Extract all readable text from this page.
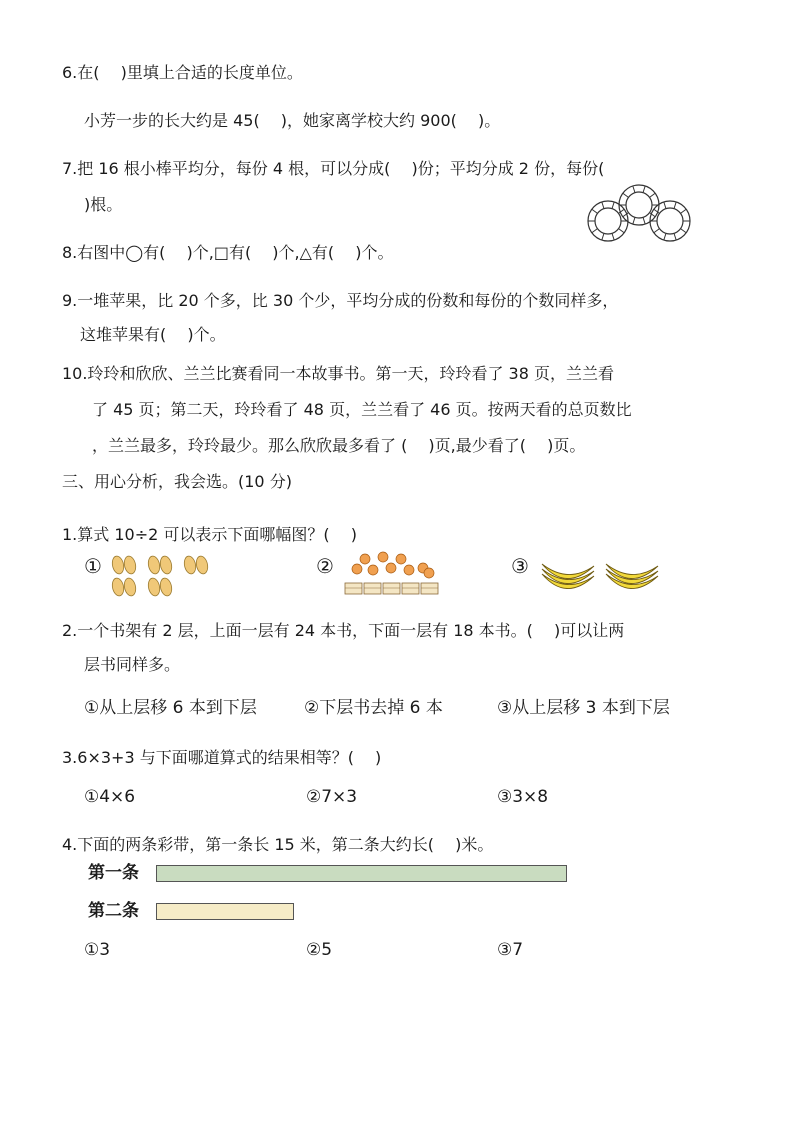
6.在(　 )里填上合适的长度单位。
小芳一步的长大约是 45(　 )，她家离学校大约 900(　 )。
7.把 16 根小棒平均分，每份 4 根，可以分成(　 )份；平均分成 2 份，每份(
)根。
8.右图中◯有(　 )个,□有(　 )个,△有(　 )个。
9.一堆苹果，比 20 个多，比 30 个少，平均分成的份数和每份的个数同样多，
这堆苹果有(　 )个。
10.玲玲和欣欣、兰兰比赛看同一本故事书。第一天，玲玲看了 38 页，兰兰看
了 45 页；第二天，玲玲看了 48 页，兰兰看了 46 页。按两天看的总页数比
，兰兰最多，玲玲最少。那么欣欣最多看了 (　 )页,最少看了(　 )页。
三、用心分析，我会选。(10 分)
1.算式 10÷2 可以表示下面哪幅图？(　 )
①	②	③
2.一个书架有 2 层，上面一层有 24 本书，下面一层有 18 本书。(　 )可以让两
层书同样多。
①从上层移 6 本到下层	②下层书去掉 6 本	③从上层移 3 本到下层
3.6×3+3 与下面哪道算式的结果相等？(　 )
①4×6	②7×3	③3×8
4.下面的两条彩带，第一条长 15 米，第二条大约长(　 )米。
第一条
第二条
①3	②5	③7
